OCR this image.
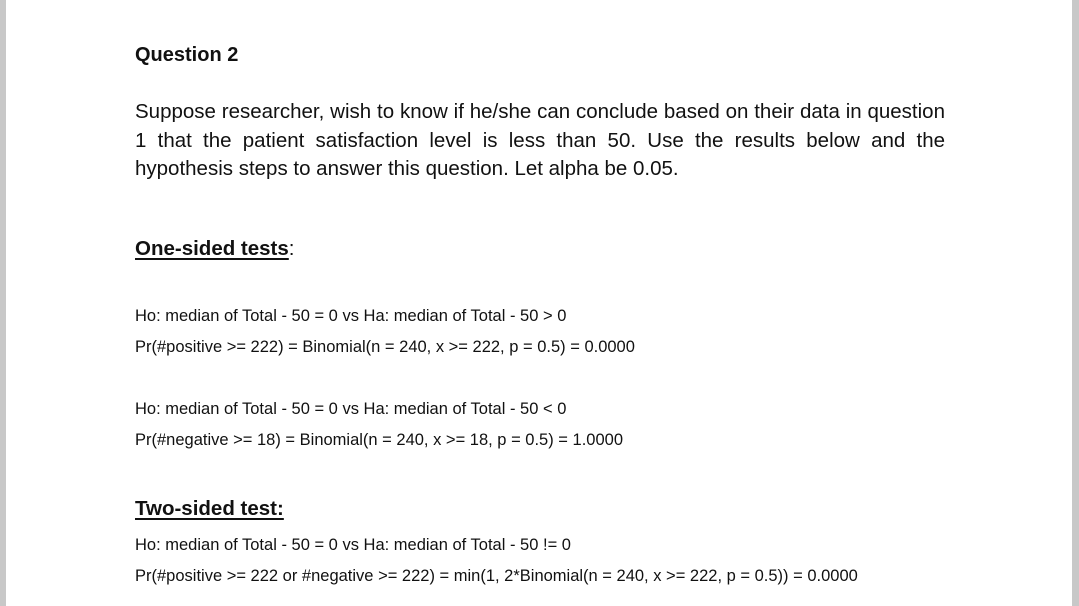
Question 2
Suppose researcher, wish to know if he/she can conclude based on their data in question 1 that the patient satisfaction level is less than 50. Use the results below and the hypothesis steps to answer this question. Let alpha be 0.05.
One-sided tests:
Ho: median of Total - 50 = 0 vs Ha: median of Total - 50 > 0
Pr(#positive >= 222) = Binomial(n = 240, x >= 222, p = 0.5) = 0.0000
Ho: median of Total - 50 = 0 vs Ha: median of Total - 50 < 0
Pr(#negative >= 18) = Binomial(n = 240, x >= 18, p = 0.5) = 1.0000
Two-sided test:
Ho: median of Total - 50 = 0 vs Ha: median of Total - 50 != 0
Pr(#positive >= 222 or #negative >= 222) = min(1, 2*Binomial(n = 240, x >= 222, p = 0.5)) = 0.0000
